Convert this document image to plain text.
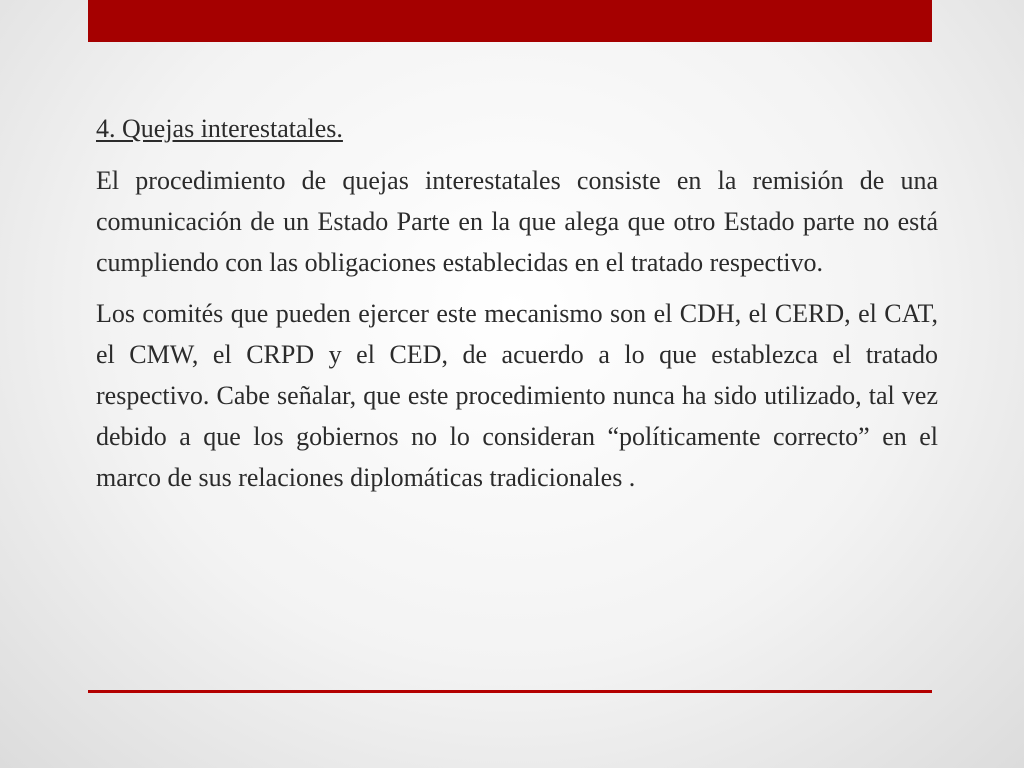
4. Quejas interestatales.

El procedimiento de quejas interestatales consiste en la remisión de una comunicación de un Estado Parte en la que alega que otro Estado parte no está cumpliendo con las obligaciones establecidas en el tratado respectivo.

Los comités que pueden ejercer este mecanismo son el CDH, el CERD, el CAT, el CMW, el CRPD y el CED, de acuerdo a lo que establezca el tratado respectivo. Cabe señalar, que este procedimiento nunca ha sido utilizado, tal vez debido a que los gobiernos no lo consideran “políticamente correcto” en el marco de sus relaciones diplomáticas tradicionales .
